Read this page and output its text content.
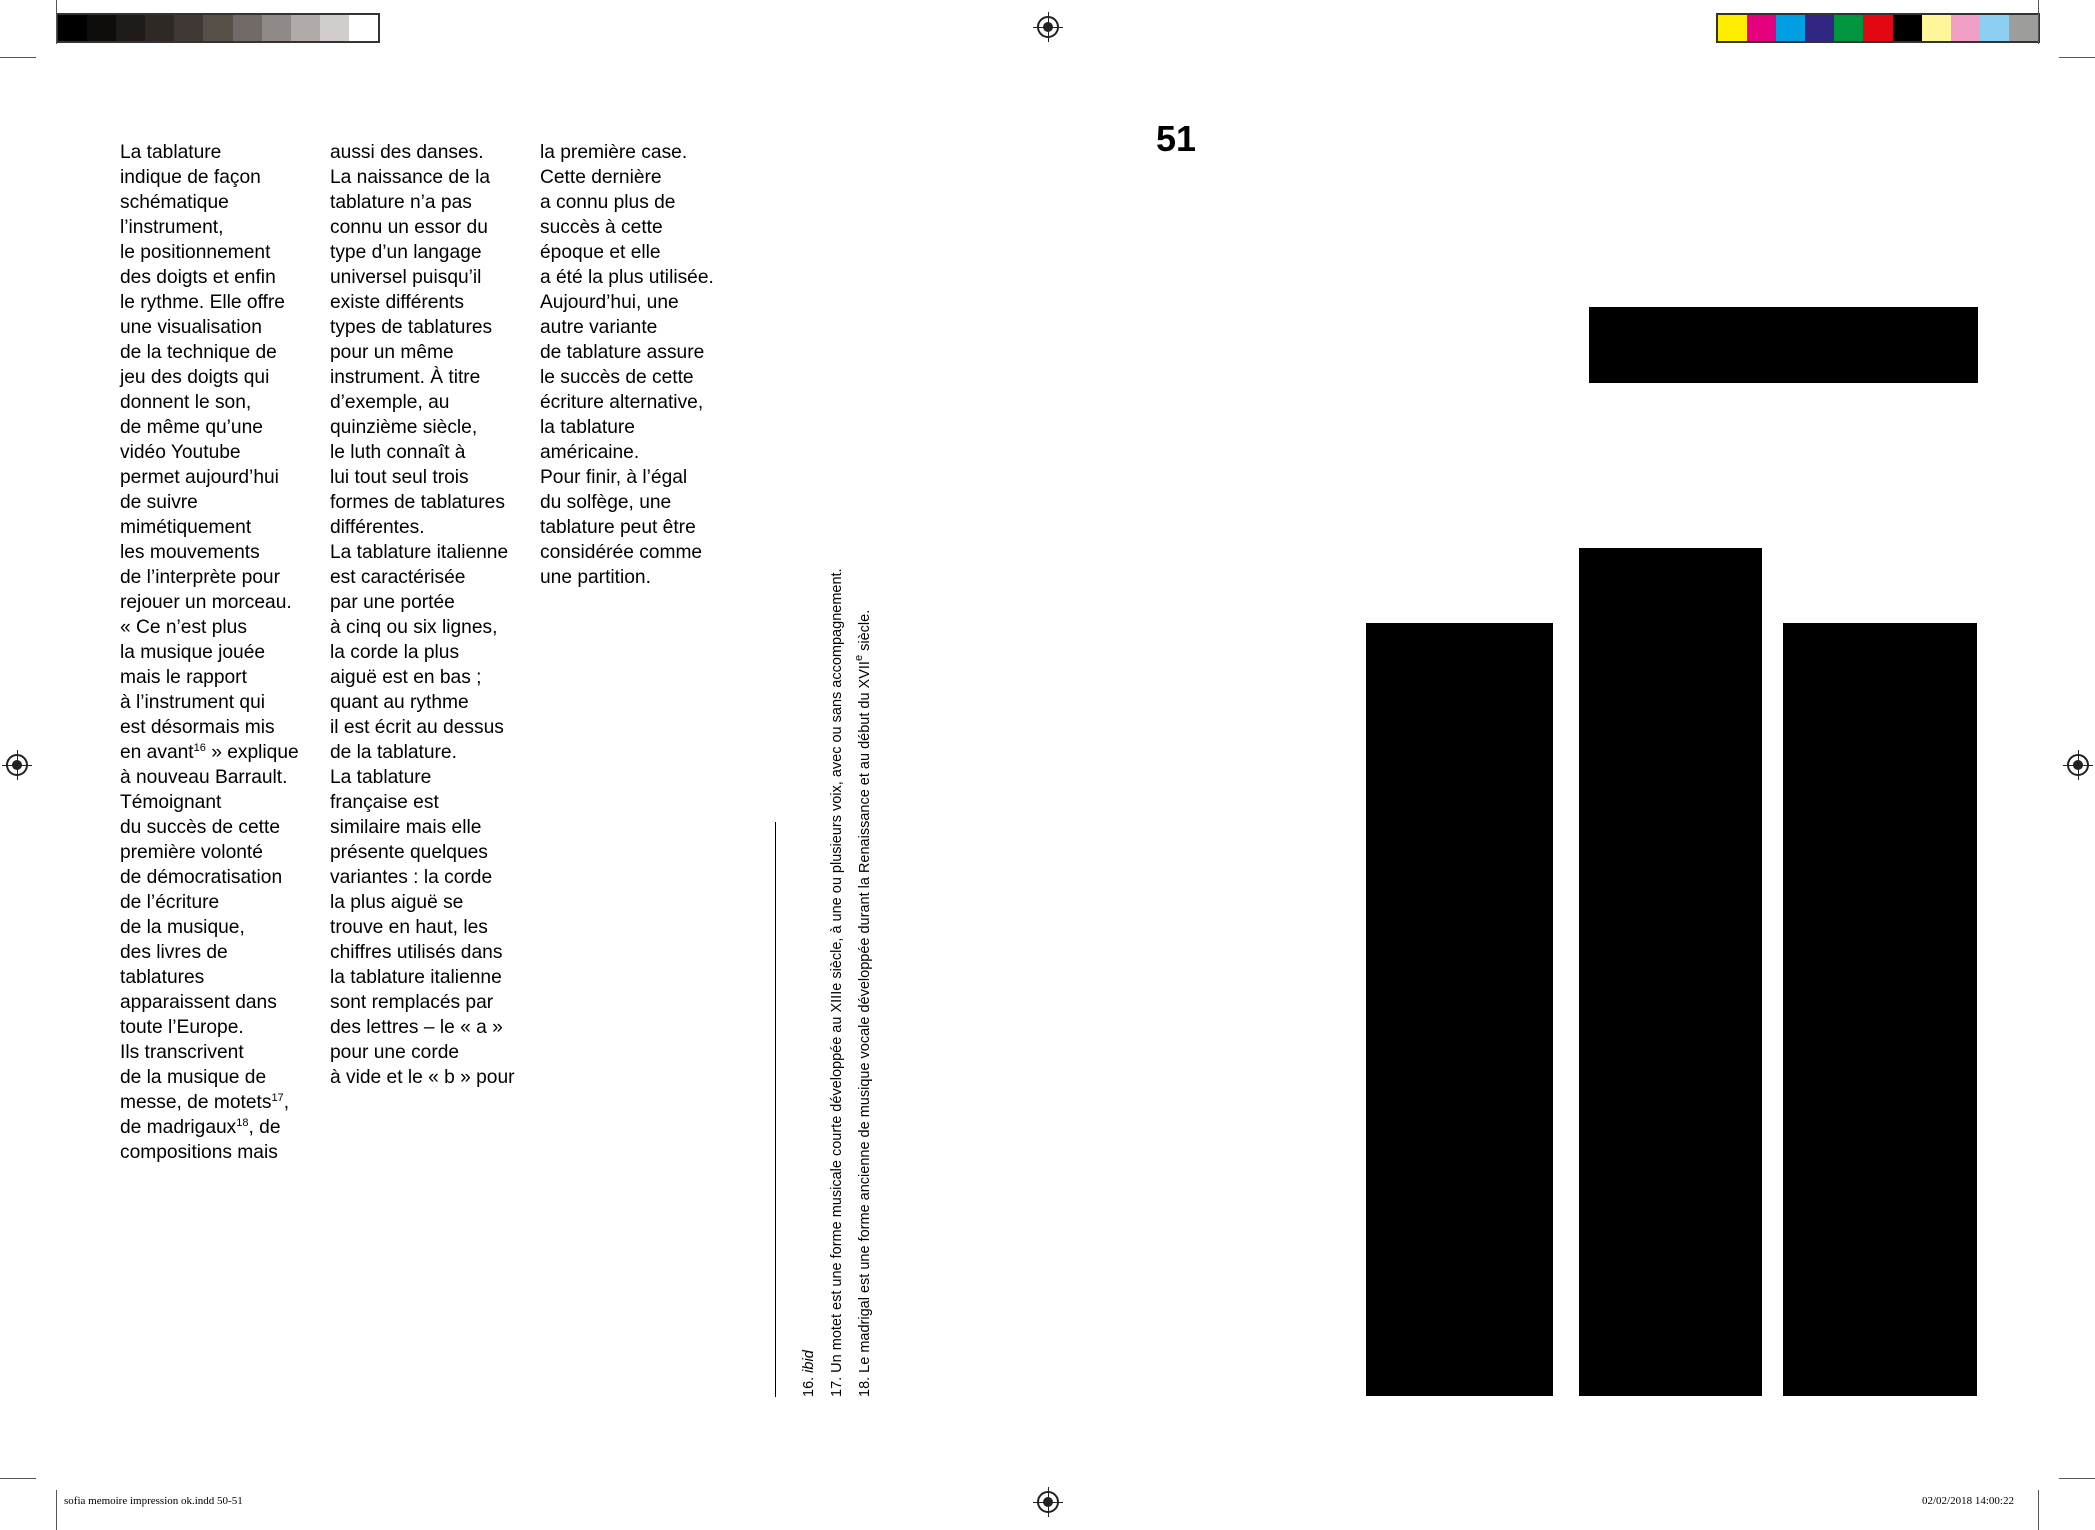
La tablature
indique de façon
schématique
l’instrument,
le positionnement
des doigts et enfin
le rythme. Elle offre
une visualisation
de la technique de
jeu des doigts qui
donnent le son,
de même qu’une
vidéo Youtube
permet aujourd’hui
de suivre
mimétiquement
les mouvements
de l’interprète pour
rejouer un morceau.
« Ce n’est plus
la musique jouée
mais le rapport
à l’instrument qui
est désormais mis
en avant$^{16}$ » explique
à nouveau Barrault.
Témoignant
du succès de cette
première volonté
de démocratisation
de l’écriture
de la musique,
des livres de
tablatures
apparaissent dans
toute l’Europe.
Ils transcrivent
de la musique de
messe, de motets$^{17}$,
de madrigaux$^{18}$, de
compositions mais
aussi des danses.
La naissance de la
tablature n’a pas
connu un essor du
type d’un langage
universel puisqu’il
existe différents
types de tablatures
pour un même
instrument. À titre
d’exemple, au
quinzième siècle,
le luth connaît à
lui tout seul trois
formes de tablatures
différentes.
La tablature italienne
est caractérisée
par une portée
à cinq ou six lignes,
la corde la plus
aiguë est en bas ;
quant au rythme
il est écrit au dessus
de la tablature.
La tablature
française est
similaire mais elle
présente quelques
variantes : la corde
la plus aiguë se
trouve en haut, les
chiffres utilisés dans
la tablature italienne
sont remplacés par
des lettres – le « a »
pour une corde
à vide et le « b » pour
la première case.
Cette dernière
a connu plus de
succès à cette
époque et elle
a été la plus utilisée.
Aujourd’hui, une
autre variante
de tablature assure
le succès de cette
écriture alternative,
la tablature
américaine.
Pour finir, à l’égal
du solfège, une
tablature peut être
considérée comme
une partition.
51
16. ibid 17. Un motet est une forme musicale courte développée au XIIIe siècle, à une ou plusieurs voix, avec ou sans accompagnement. 18. Le madrigal est une forme ancienne de musique vocale développée durant la Renaissance et au début du XVIIe siècle.
sofia memoire impression ok.indd 50-51	02/02/2018 14:00:22
